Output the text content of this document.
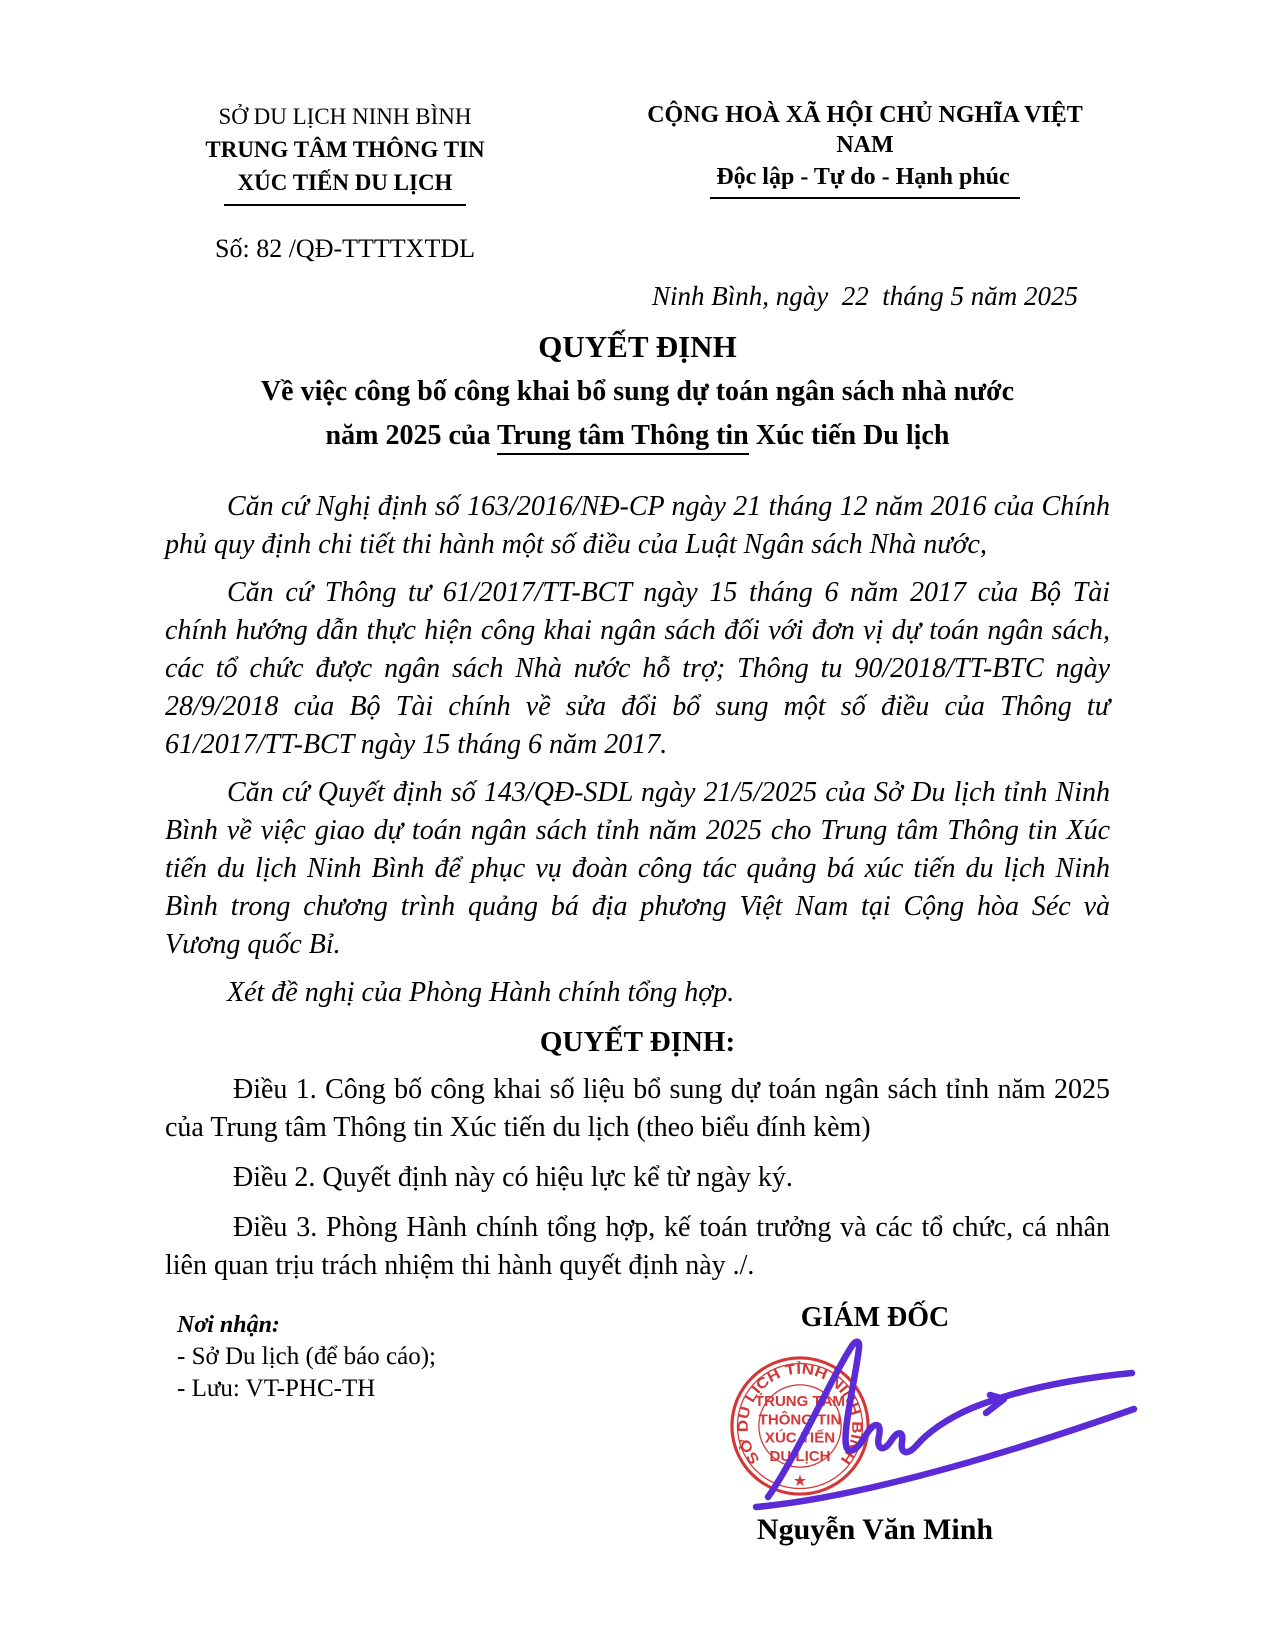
SỞ DU LỊCH NINH BÌNH
TRUNG TÂM THÔNG TIN
XÚC TIẾN DU LỊCH
Số: 82 /QĐ-TTTTXTDL
CỘNG HOÀ XÃ HỘI CHỦ NGHĨA VIỆT NAM
Độc lập - Tự do - Hạnh phúc
Ninh Bình, ngày  22  tháng 5 năm 2025
QUYẾT ĐỊNH
Về việc công bố công khai bổ sung dự toán ngân sách nhà nước
năm 2025 của Trung tâm Thông tin Xúc tiến Du lịch

Căn cứ Nghị định số 163/2016/NĐ-CP ngày 21 tháng 12 năm 2016 của Chính phủ quy định chi tiết thi hành một số điều của Luật Ngân sách Nhà nước,

Căn cứ Thông tư 61/2017/TT-BCT ngày 15 tháng 6 năm 2017 của Bộ Tài chính hướng dẫn thực hiện công khai ngân sách đối với đơn vị dự toán ngân sách, các tổ chức được ngân sách Nhà nước hỗ trợ; Thông tu 90/2018/TT-BTC ngày 28/9/2018 của Bộ Tài chính về sửa đổi bổ sung một số điều của Thông tư 61/2017/TT-BCT ngày 15 tháng 6 năm 2017.

Căn cứ Quyết định số 143/QĐ-SDL ngày 21/5/2025 của Sở Du lịch tỉnh Ninh Bình về việc giao dự toán ngân sách tỉnh năm 2025 cho Trung tâm Thông tin Xúc tiến du lịch Ninh Bình để phục vụ đoàn công tác quảng bá xúc tiến du lịch Ninh Bình trong chương trình quảng bá địa phương Việt Nam tại Cộng hòa Séc và Vương quốc Bỉ.

Xét đề nghị của Phòng Hành chính tổng hợp.

QUYẾT ĐỊNH:

Điều 1. Công bố công khai số liệu bổ sung dự toán ngân sách tỉnh năm 2025 của Trung tâm Thông tin Xúc tiến du lịch (theo biểu đính kèm)

Điều 2. Quyết định này có hiệu lực kể từ ngày ký.

Điều 3. Phòng Hành chính tổng hợp, kế toán trưởng và các tổ chức, cá nhân liên quan trịu trách nhiệm thi hành quyết định này ./.

Nơi nhận:
- Sở Du lịch (để báo cáo);
- Lưu: VT-PHC-TH
GIÁM ĐỐC
SỞ DU LỊCH TỈNH NINH BÌNH
TRUNG TÂM
THÔNG TIN
XÚC TIẾN
DU LỊCH
★
Nguyễn Văn Minh
